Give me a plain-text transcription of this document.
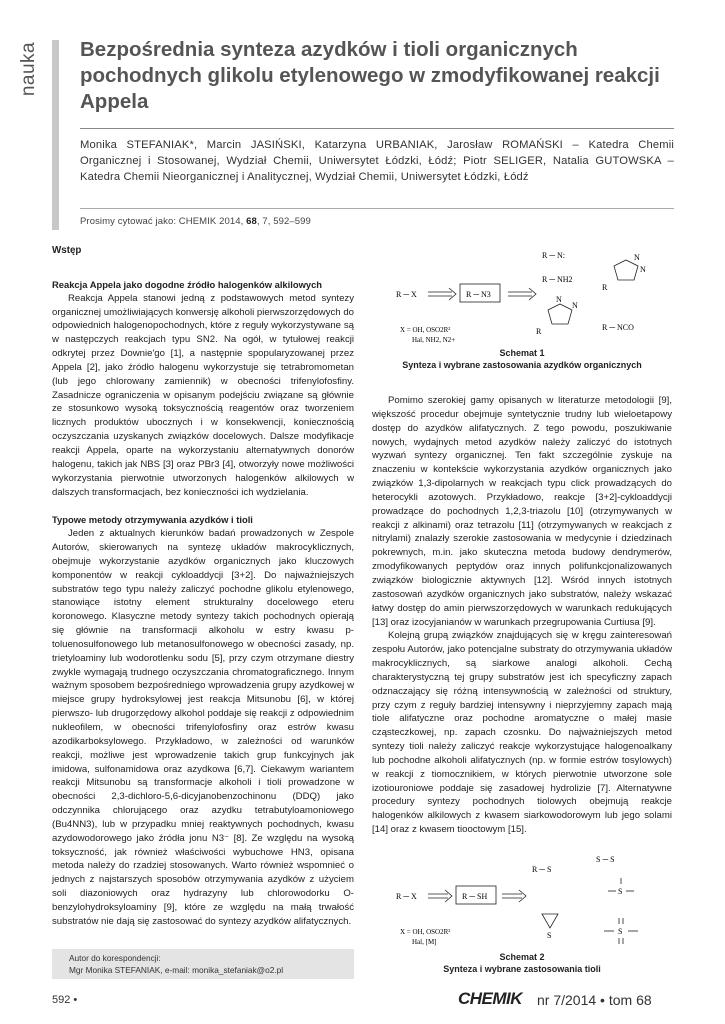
nauka Bezpośrednia synteza azydków i tioli organicznych pochodnych glikolu etylenowego w zmodyfikowanej reakcji Appela

Monika STEFANIAK*, Marcin JASIŃSKI, Katarzyna URBANIAK, Jarosław ROMAŃSKI – Katedra Chemii Organicznej i Stosowanej, Wydział Chemii, Uniwersytet Łódzki, Łódź; Piotr SELIGER, Natalia GUTOWSKA – Katedra Chemii Nieorganicznej i Analitycznej, Wydział Chemii, Uniwersytet Łódzki, Łódź

Prosimy cytować jako: CHEMIK 2014, 68, 7, 592–599

Wstęp
Reakcja Appela jako dogodne źródło halogenków alkilowych

Reakcja Appela stanowi jedną z podstawowych metod syntezy organicznej umożliwiających konwersję alkoholi pierwszorzędowych do odpowiednich halogenopochodnych, które z reguły wykorzystywane są w następczych reakcjach typu SN2. Na ogół, w tytułowej reakcji odkrytej przez Downie'go [1], a następnie spopularyzowanej przez Appela [2], jako źródło halogenu wykorzystuje się tetrabromometan (lub jego chlorowany zamiennik) w obecności trifenylofosfiny. Zasadnicze ograniczenia w opisanym podejściu związane są głównie ze stosunkowo wysoką toksycznością reagentów oraz tworzeniem licznych produktów ubocznych i w konsekwencji, koniecznością oczyszczania uzyskanych związków docelowych. Dalsze modyfikacje reakcji Appela, oparte na wykorzystaniu alternatywnych donorów halogenu, takich jak NBS [3] oraz PBr3 [4], otworzyły nowe możliwości wykorzystania pierwotnie utworzonych halogenków alkilowych w dalszych transformacjach, bez konieczności ich wydzielania.

Typowe metody otrzymywania azydków i tioli

Jeden z aktualnych kierunków badań prowadzonych w Zespole Autorów, skierowanych na syntezę układów makrocyklicznych, obejmuje wykorzystanie azydków organicznych jako kluczowych komponentów w reakcji cykloaddycji [3+2]. Do najważniejszych substratów tego typu należy zaliczyć pochodne glikolu etylenowego, stanowiące istotny element strukturalny docelowego eteru koronowego. Klasyczne metody syntezy takich pochodnych opierają się głównie na transformacji alkoholu w estry kwasu p-toluenosulfonowego lub metanosulfonowego w obecności zasady, np. trietyloaminy lub wodorotlenku sodu [5], przy czym otrzymane diestry zwykle wymagają trudnego oczyszczania chromatograficznego. Innym ważnym sposobem bezpośredniego wprowadzenia grupy azydkowej w miejsce grupy hydroksylowej jest reakcja Mitsunobu [6], w której pierwszo- lub drugorzędowy alkohol poddaje się reakcji z odpowiednim nukleofilem, w obecności trifenylofosfiny oraz estrów kwasu azodikarboksylowego. Przykładowo, w zależności od warunków reakcji, możliwe jest wprowadzenie takich grup funkcyjnych jak imidowa, sulfonamidowa oraz azydkowa [6,7]. Ciekawym wariantem reakcji Mitsunobu są transformacje alkoholi i tioli prowadzone w obecności 2,3-dichloro-5,6-dicyjanobenzochinonu (DDQ) jako odczynnika chlorującego oraz azydku tetrabutyloamoniowego (Bu4NN3), lub w przypadku mniej reaktywnych pochodnych, kwasu azydowodorowego jako źródła jonu N3⁻ [8]. Ze względu na wysoką toksyczność, jak również właściwości wybuchowe HN3, opisana metoda należy do rzadziej stosowanych. Warto również wspomnieć o jednych z najstarszych sposobów otrzymywania azydków z użyciem soli diazoniowych oraz hydrazyny lub chlorowodorku O-benzylohydroksyloaminy [9], które ze względu na małą trwałość substratów nie dają się zastosować do syntezy azydków alifatycznych.

Autor do korespondencji:
Mgr Monika STEFANIAK, e-mail: monika_stefaniak@o2.pl
R ─ X	R ─ N3
R ─ N:
R ─ NH2
R
N
N
R
N
N
R ─ NCO
X = OH, OSO2R²
Hal, NH2, N2+
Schemat 1
Synteza i wybrane zastosowania azydków organicznych

Pomimo szerokiej gamy opisanych w literaturze metodologii [9], większość procedur obejmuje syntetycznie trudny lub wieloetapowy dostęp do azydków alifatycznych. Z tego powodu, poszukiwanie nowych, wydajnych metod azydków należy zaliczyć do istotnych wyzwań syntezy organicznej. Ten fakt szczególnie zyskuje na znaczeniu w kontekście wykorzystania azydków organicznych jako związków 1,3-dipolarnych w reakcjach typu click prowadzących do heterocykli azotowych. Przykładowo, reakcje [3+2]-cykloaddycji prowadzące do pochodnych 1,2,3-triazolu [10] (otrzymywanych w reakcji z alkinami) oraz tetrazolu [11] (otrzymywanych w reakcjach z nitrylami) znalazły szerokie zastosowania w medycynie i dziedzinach pokrewnych, m.in. jako skuteczna metoda budowy dendrymerów, zmodyfikowanych peptydów oraz innych polifunkcjonalizowanych związków biologicznie aktywnych [12]. Wśród innych istotnych zastosowań azydków organicznych jako substratów, należy wskazać łatwy dostęp do amin pierwszorzędowych w warunkach redukujących [13] oraz izocyjanianów w warunkach przegrupowania Curtiusa [9].

Kolejną grupą związków znajdujących się w kręgu zainteresowań zespołu Autorów, jako potencjalne substraty do otrzymywania układów makrocyklicznych, są siarkowe analogi alkoholi. Cechą charakterystyczną tej grupy substratów jest ich specyficzny zapach odznaczający się różną intensywnością w zależności od struktury, przy czym z reguły bardziej intensywny i nieprzyjemny zapach mają tiole alifatyczne oraz pochodne aromatyczne o małej masie cząsteczkowej, np. zapach czosnku. Do najważniejszych metod syntezy tioli należy zaliczyć reakcje wykorzystujące halogenoalkany lub pochodne alkoholi alifatycznych (np. w formie estrów tosylowych) w reakcji z tiomocznikiem, w których pierwotnie utworzone sole izotiouroniowe poddaje się zasadowej hydrolizie [7]. Alternatywne procedury syntezy pochodnych tiolowych obejmują reakcje halogenków alkilowych z kwasem siarkowodorowym lub jego solami [14] oraz z kwasem tiooctowym [15].

R ─ X	R ─ SH
R ─ S
S ─ S
S
S	S
X = OH, OSO2R²
Hal, [M]
Schemat 2
Synteza i wybrane zastosowania tioli
592 •	CHEMIK nr 7/2014 • tom 68
